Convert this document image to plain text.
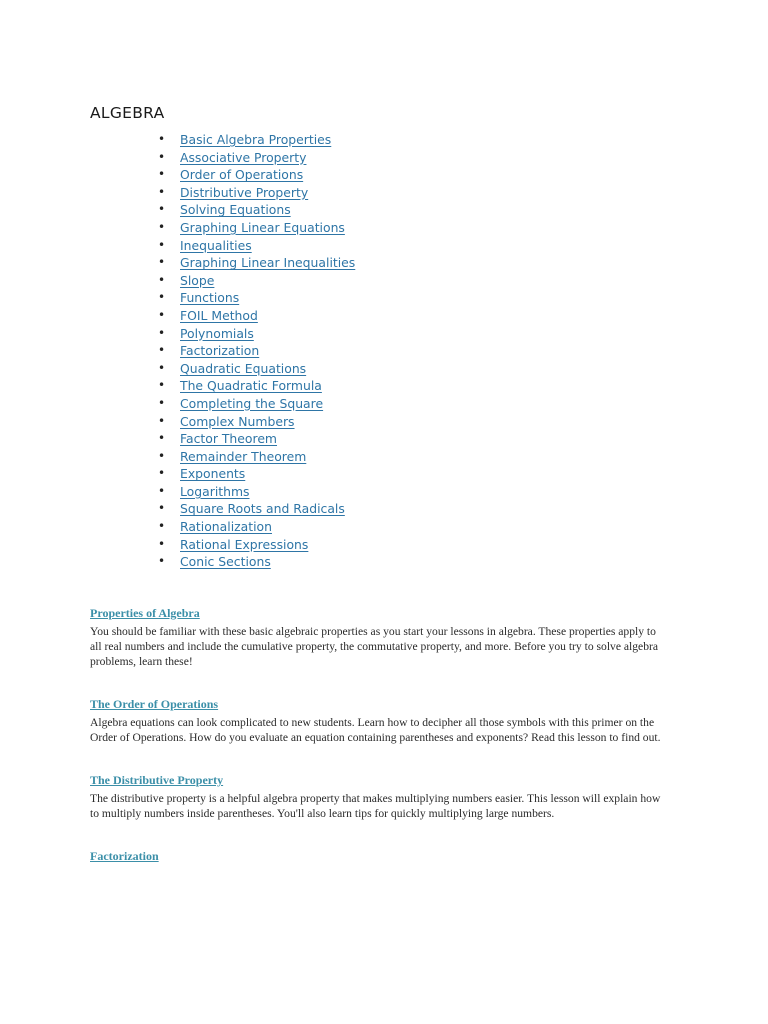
ALGEBRA
• Basic Algebra Properties
• Associative Property
• Order of Operations
• Distributive Property
• Solving Equations
• Graphing Linear Equations
• Inequalities
• Graphing Linear Inequalities
• Slope
• Functions
• FOIL Method
• Polynomials
• Factorization
• Quadratic Equations
• The Quadratic Formula
• Completing the Square
• Complex Numbers
• Factor Theorem
• Remainder Theorem
• Exponents
• Logarithms
• Square Roots and Radicals
• Rationalization
• Rational Expressions
• Conic Sections
Properties of Algebra

You should be familiar with these basic algebraic properties as you start your lessons in algebra. These properties apply to all real numbers and include the cumulative property, the commutative property, and more. Before you try to solve algebra problems, learn these!

The Order of Operations

Algebra equations can look complicated to new students. Learn how to decipher all those symbols with this primer on the Order of Operations. How do you evaluate an equation containing parentheses and exponents? Read this lesson to find out.

The Distributive Property

The distributive property is a helpful algebra property that makes multiplying numbers easier. This lesson will explain how to multiply numbers inside parentheses. You'll also learn tips for quickly multiplying large numbers.

Factorization
